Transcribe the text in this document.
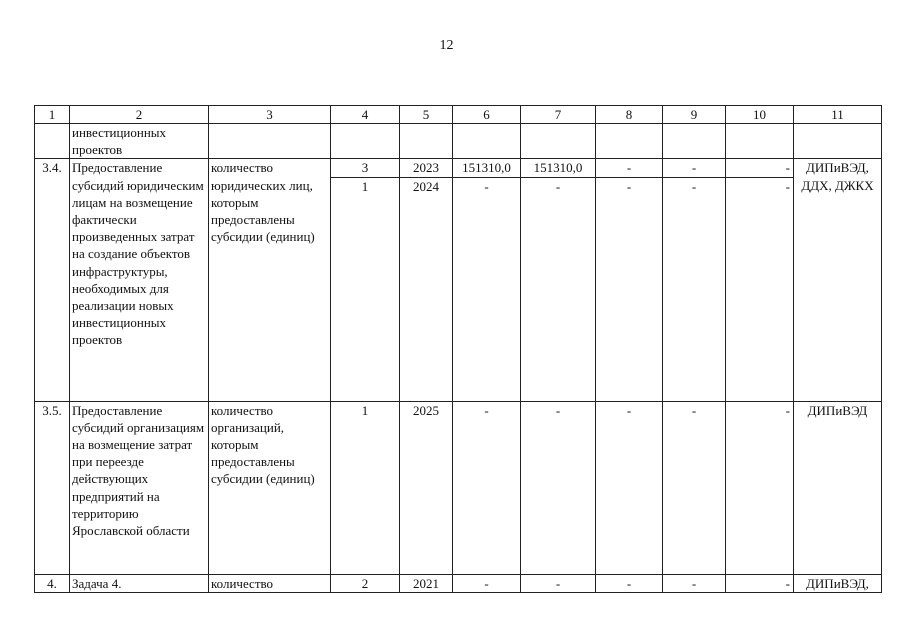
12
1	2	3	4	5	6	7	8	9	10	11
	инвестиционных проектов									
3.4.	Предоставление субсидий юридическим лицам на возмещение фактически произведенных затрат на создание объектов инфраструктуры, необходимых для реализации новых инвестиционных проектов	количество юридических лиц, которым предоставлены субсидии (единиц)	3	2023	151310,0	151310,0	-	-	-	ДИПиВЭД, ДДХ, ДЖКХ
			1	2024	-	-	-	-	-	
3.5.	Предоставление субсидий организациям на возмещение затрат при переезде действующих предприятий на территорию Ярославской области	количество организаций, которым предоставлены субсидии (единиц)	1	2025	-	-	-	-	-	ДИПиВЭД
4.	Задача 4.	количество	2	2021	-	-	-	-	-	ДИПиВЭД,
